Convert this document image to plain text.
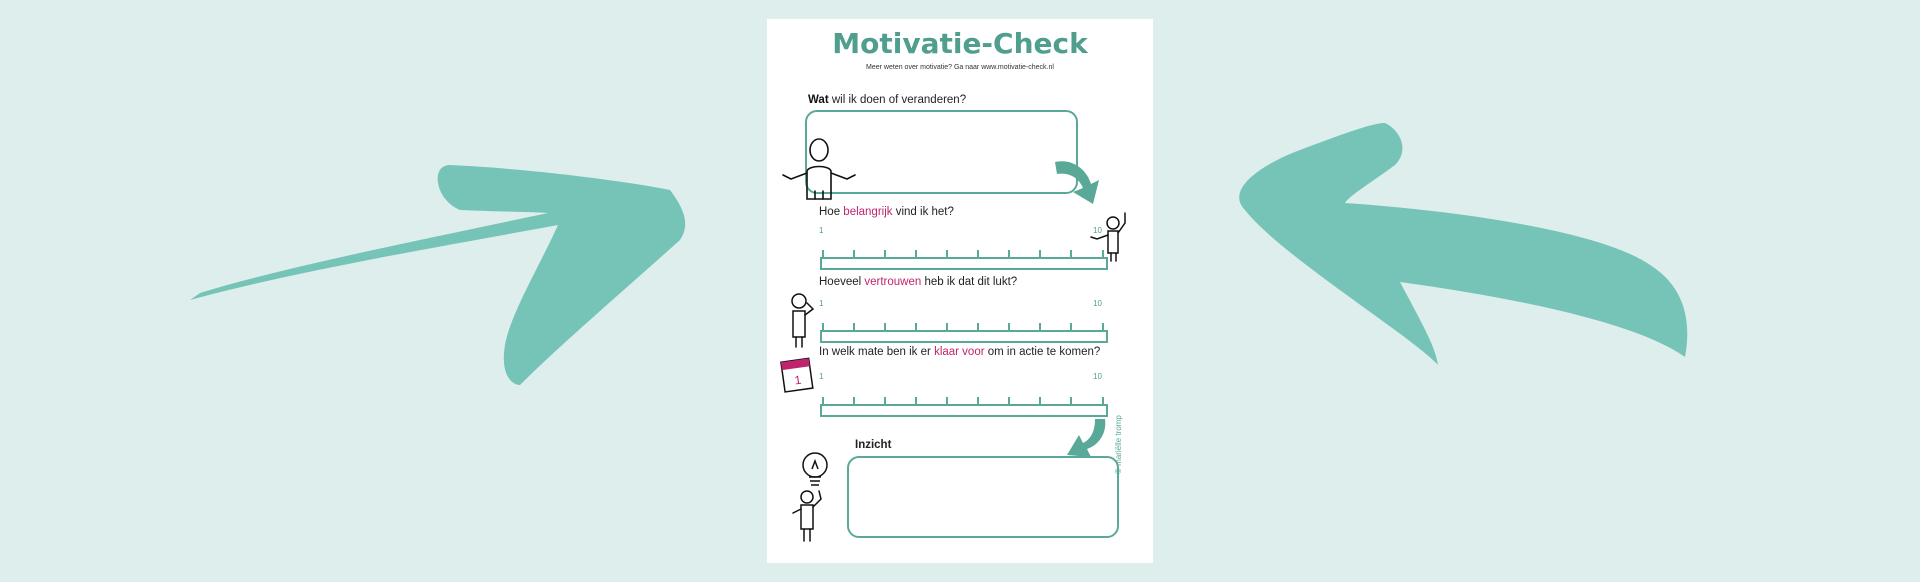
Motivatie-Check
Meer weten over motivatie? Ga naar www.motivatie-check.nl
Wat wil ik doen of veranderen?
Hoe belangrijk vind ik het?
1	10
Hoeveel vertrouwen heb ik dat dit lukt?
1	10
In welk mate ben ik er klaar voor om in actie te komen?
1	10
1
Inzicht	© mariëlle tromp
